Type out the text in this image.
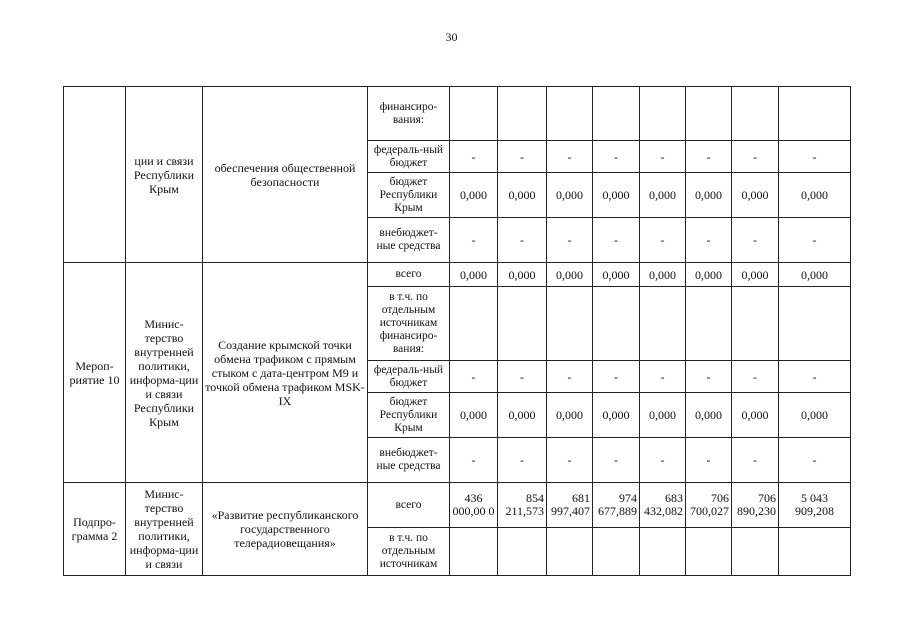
30
	ции и связи Республики Крым	обеспечения общественной безопасности	финансиро-вания:								
			федераль-ный бюджет	-	-	-	-	-	-	-	-
			бюджет Республики Крым	0,000	0,000	0,000	0,000	0,000	0,000	0,000	0,000
			внебюджет-ные средства	-	-	-	-	-	-	-	-
Мероп-риятие 10	Минис-терство внутренней политики, информа-ции и связи Республики Крым	Создание крымской точки обмена трафиком с прямым стыком с дата-центром M9 и точкой обмена трафиком MSK-IX	всего	0,000	0,000	0,000	0,000	0,000	0,000	0,000	0,000
			в т.ч. по отдельным источникам финансиро-вания:								
			федераль-ный бюджет	-	-	-	-	-	-	-	-
			бюджет Республики Крым	0,000	0,000	0,000	0,000	0,000	0,000	0,000	0,000
			внебюджет-ные средства	-	-	-	-	-	-	-	-
Подпро-грамма 2	Минис-терство внутренней политики, информа-ции и связи	«Развитие республиканского государственного телерадиовещания»	всего	436 000,00 0	854 211,573	681 997,407	974 677,889	683 432,082	706 700,027	706 890,230	5 043 909,208
			в т.ч. по отдельным источникам								
